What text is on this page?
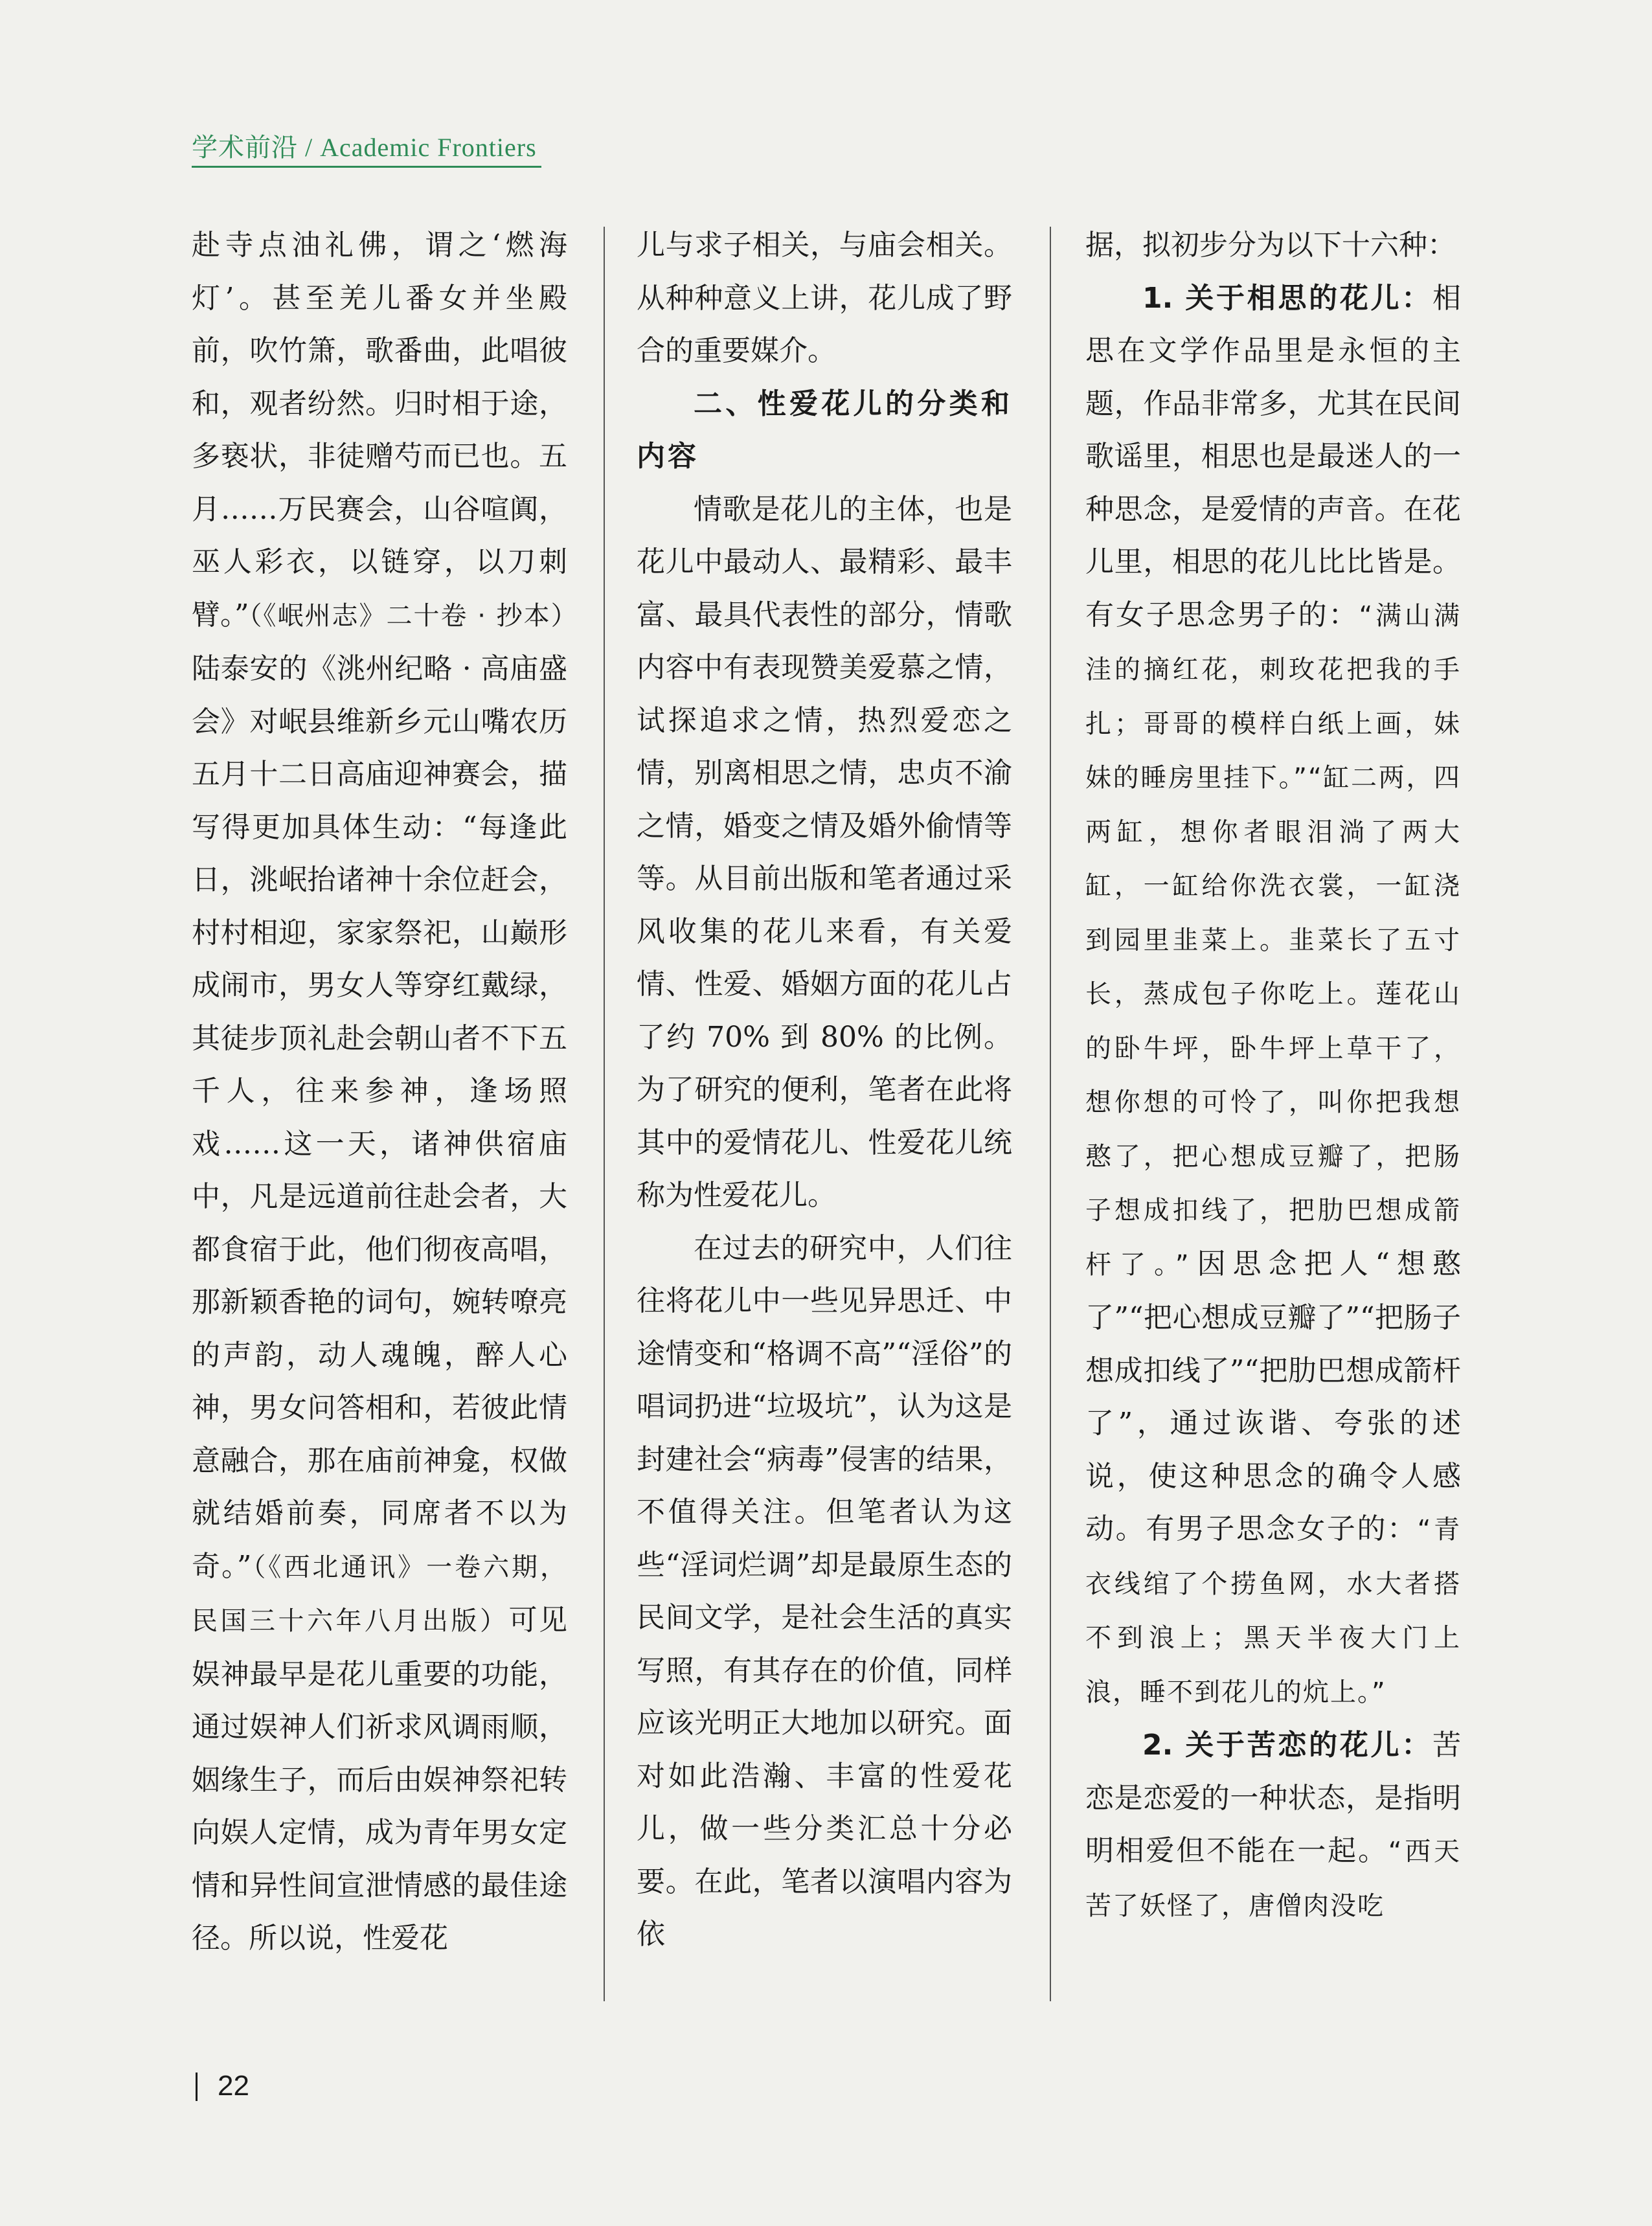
学术前沿 / Academic Frontiers

赴寺点油礼佛，谓之‘燃海灯’。甚至羌儿番女并坐殿前，吹竹箫，歌番曲，此唱彼和，观者纷然。归时相于途，多亵状，非徒赠芍而已也。五月……万民赛会，山谷喧阗，巫人彩衣，以链穿，以刀刺臂。”（《岷州志》二十卷 · 抄本）陆泰安的《洮州纪略 · 高庙盛会》对岷县维新乡元山嘴农历五月十二日高庙迎神赛会，描写得更加具体生动：“每逢此日，洮岷抬诸神十余位赶会，村村相迎，家家祭祀，山巅形成闹市，男女人等穿红戴绿，其徒步顶礼赴会朝山者不下五千人，往来参神，逢场照戏……这一天，诸神供宿庙中，凡是远道前往赴会者，大都食宿于此，他们彻夜高唱，那新颖香艳的词句，婉转嘹亮的声韵，动人魂魄，醉人心神，男女问答相和，若彼此情意融合，那在庙前神龛，权做就结婚前奏，同席者不以为奇。”（《西北通讯》一卷六期，民国三十六年八月出版）可见娱神最早是花儿重要的功能，通过娱神人们祈求风调雨顺，姻缘生子，而后由娱神祭祀转向娱人定情，成为青年男女定情和异性间宣泄情感的最佳途径。所以说，性爱花

儿与求子相关，与庙会相关。从种种意义上讲，花儿成了野合的重要媒介。

二、性爱花儿的分类和内容

情歌是花儿的主体，也是花儿中最动人、最精彩、最丰富、最具代表性的部分，情歌内容中有表现赞美爱慕之情，试探追求之情，热烈爱恋之情，别离相思之情，忠贞不渝之情，婚变之情及婚外偷情等等。从目前出版和笔者通过采风收集的花儿来看，有关爱情、性爱、婚姻方面的花儿占了约 70% 到 80% 的比例。为了研究的便利，笔者在此将其中的爱情花儿、性爱花儿统称为性爱花儿。

在过去的研究中，人们往往将花儿中一些见异思迁、中途情变和“格调不高”“淫俗”的唱词扔进“垃圾坑”，认为这是封建社会“病毒”侵害的结果，不值得关注。但笔者认为这些“淫词烂调”却是最原生态的民间文学，是社会生活的真实写照，有其存在的价值，同样应该光明正大地加以研究。面对如此浩瀚、丰富的性爱花儿，做一些分类汇总十分必要。在此，笔者以演唱内容为依

据，拟初步分为以下十六种：

1. 关于相思的花儿：相思在文学作品里是永恒的主题，作品非常多，尤其在民间歌谣里，相思也是最迷人的一种思念，是爱情的声音。在花儿里，相思的花儿比比皆是。有女子思念男子的：“满山满洼的摘红花，刺玫花把我的手扎；哥哥的模样白纸上画，妹妹的睡房里挂下。”“缸二两，四两缸，想你者眼泪淌了两大缸，一缸给你洗衣裳，一缸浇到园里韭菜上。韭菜长了五寸长，蒸成包子你吃上。莲花山的卧牛坪，卧牛坪上草干了，想你想的可怜了，叫你把我想憨了，把心想成豆瓣了，把肠子想成扣线了，把肋巴想成箭杆了。”因思念把人“想憨了”“把心想成豆瓣了”“把肠子想成扣线了”“把肋巴想成箭杆了”，通过诙谐、夸张的述说，使这种思念的确令人感动。有男子思念女子的：“青衣线绾了个捞鱼网，水大者搭不到浪上；黑天半夜大门上浪，睡不到花儿的炕上。”

2. 关于苦恋的花儿：苦恋是恋爱的一种状态，是指明明相爱但不能在一起。“西天苦了妖怪了，唐僧肉没吃

22
